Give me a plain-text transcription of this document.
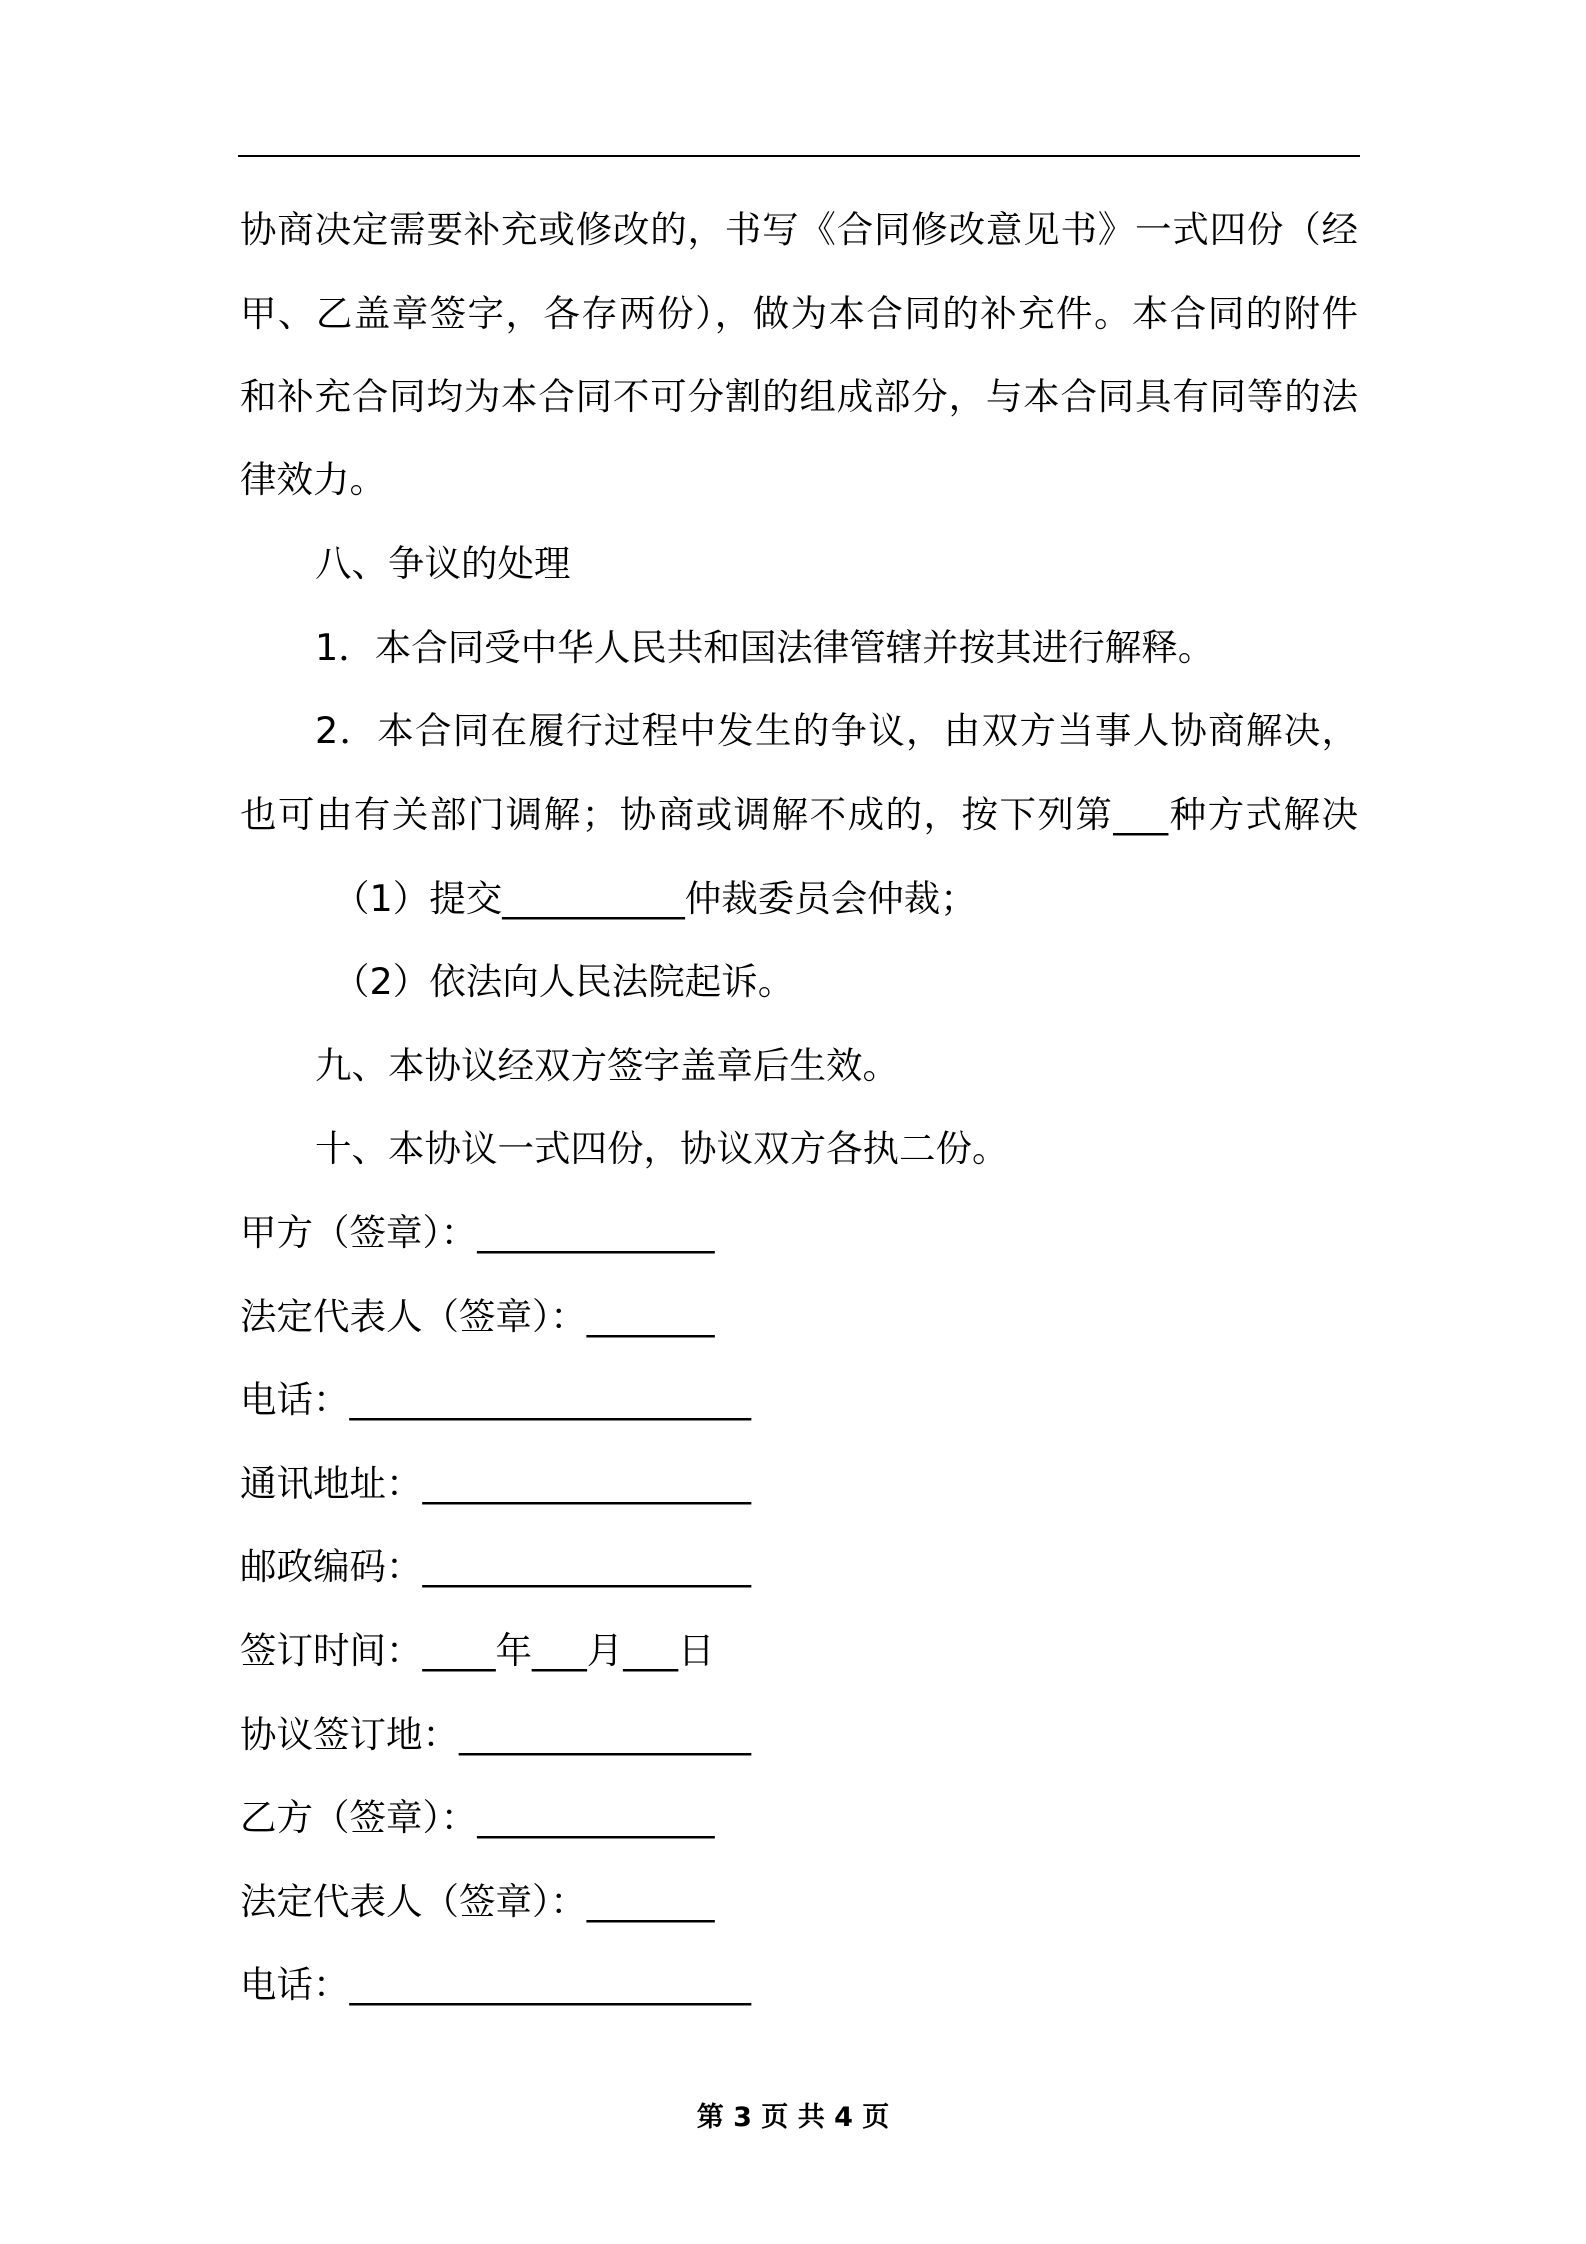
协商决定需要补充或修改的，书写《合同修改意见书》一式四份（经

甲、乙盖章签字，各存两份），做为本合同的补充件。本合同的附件

和补充合同均为本合同不可分割的组成部分，与本合同具有同等的法

律效力。

八、争议的处理

1．本合同受中华人民共和国法律管辖并按其进行解释。

2．本合同在履行过程中发生的争议，由双方当事人协商解决，

也可由有关部门调解；协商或调解不成的，按下列第___种方式解决

（1）提交__________仲裁委员会仲裁；

（2）依法向人民法院起诉。

九、本协议经双方签字盖章后生效。

十、本协议一式四份，协议双方各执二份。

甲方（签章）：_____________

法定代表人（签章）：_______

电话：______________________

通讯地址：__________________

邮政编码：__________________

签订时间：____年___月___日

协议签订地：________________

乙方（签章）：_____________

法定代表人（签章）：_______

电话：______________________

第 3 页 共 4 页
